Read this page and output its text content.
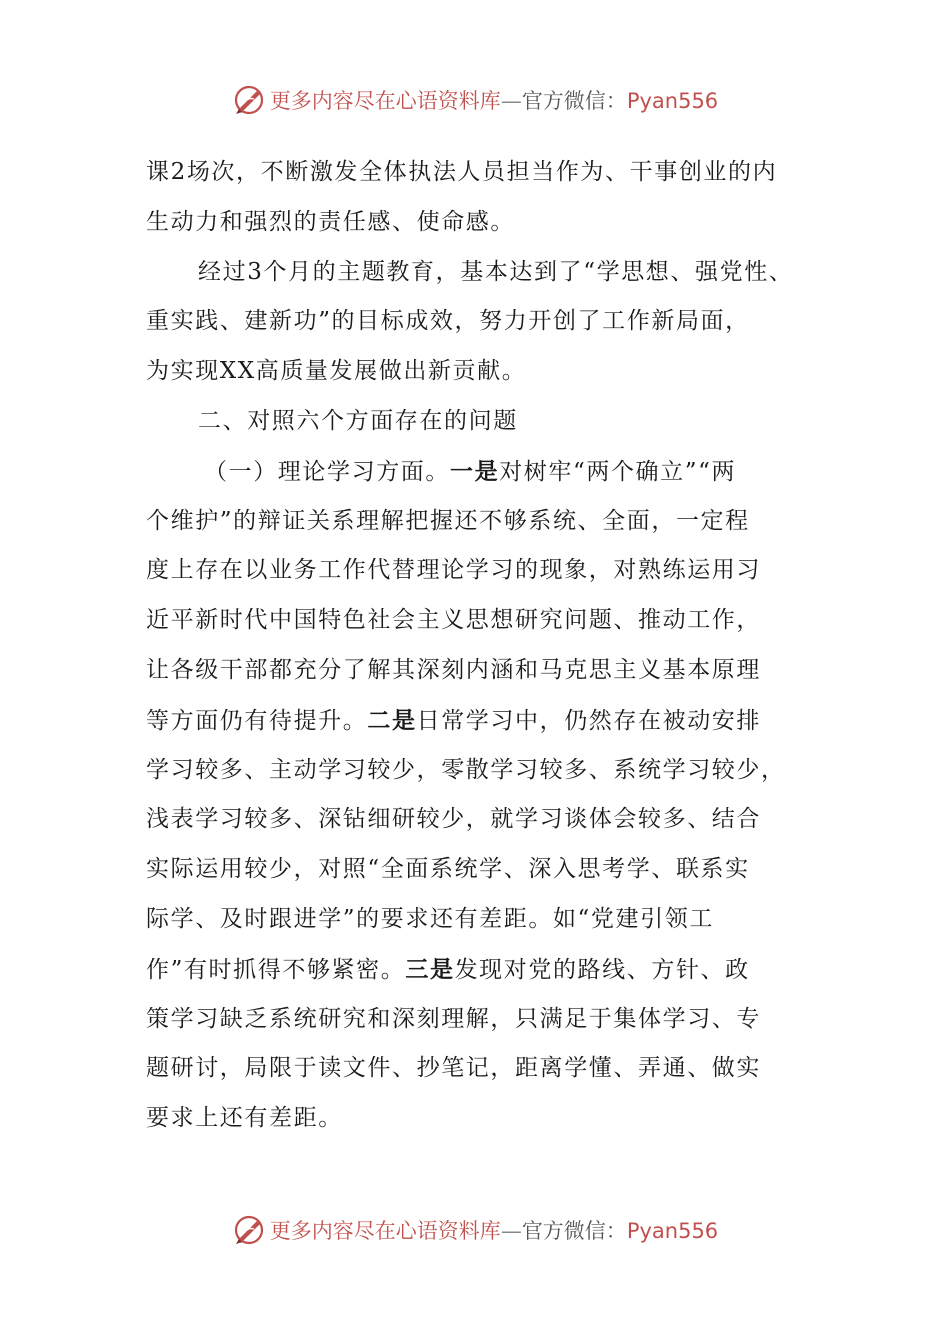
更多内容尽在心语资料库—官方微信：Pyan556
课2场次，不断激发全体执法人员担当作为、干事创业的内
生动力和强烈的责任感、使命感。
经过3个月的主题教育，基本达到了“学思想、强党性、
重实践、建新功”的目标成效，努力开创了工作新局面，
为实现XX高质量发展做出新贡献。
二、对照六个方面存在的问题
（一）理论学习方面。一是对树牢“两个确立”“两
个维护”的辩证关系理解把握还不够系统、全面，一定程
度上存在以业务工作代替理论学习的现象，对熟练运用习
近平新时代中国特色社会主义思想研究问题、推动工作，
让各级干部都充分了解其深刻内涵和马克思主义基本原理
等方面仍有待提升。二是日常学习中，仍然存在被动安排
学习较多、主动学习较少，零散学习较多、系统学习较少，
浅表学习较多、深钻细研较少，就学习谈体会较多、结合
实际运用较少，对照“全面系统学、深入思考学、联系实
际学、及时跟进学”的要求还有差距。如“党建引领工
作”有时抓得不够紧密。三是发现对党的路线、方针、政
策学习缺乏系统研究和深刻理解，只满足于集体学习、专
题研讨，局限于读文件、抄笔记，距离学懂、弄通、做实
要求上还有差距。
更多内容尽在心语资料库—官方微信：Pyan556
